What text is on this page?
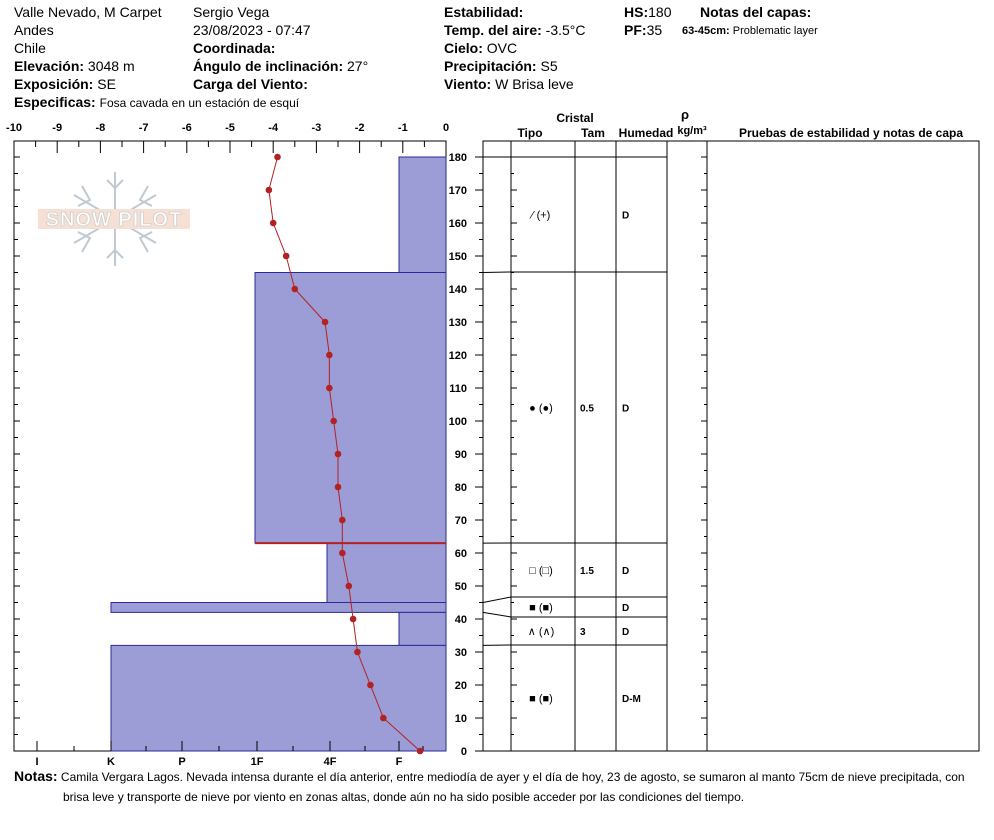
Valle Nevado, M Carpet
Andes
Chile
Elevación: 3048 m
Exposición: SE
Especificas: Fosa cavada en un estación de esquí
Sergio Vega
23/08/2023 - 07:47
Coordinada:
Ángulo de inclinación: 27°
Carga del Viento:
Estabilidad:
Temp. del aire: -3.5°C
Cielo: OVC
Precipitación: S5
Viento: W Brisa leve
HS:180
PF:35
Notas del capas:
63-45cm: Problematic layer
SNOW PILOT
-10	-9	-8	-7	-6	-5	-4	-3	-2	-1	0
I	K	P	1F	4F	F
0
10
20
30
40
50
60
70
80
90
100
110
120
130
140
150
160
170
180
Cristal
Tipo	Tam Humedad
ρ
kg/m³	Pruebas de estabilidad y notas de capa
⁄ (+)	D
● (●)	0.5	D
□ (□)	1.5	D
■ (■)	D
∧ (∧)	3	D
■ (■)	D-M
Notas: Camila Vergara Lagos. Nevada intensa durante el día anterior, entre mediodía de ayer y el día de hoy, 23 de agosto, se sumaron al manto 75cm de nieve precipitada, con
brisa leve y transporte de nieve por viento en zonas altas, donde aún no ha sido posible acceder por las condiciones del tiempo.
